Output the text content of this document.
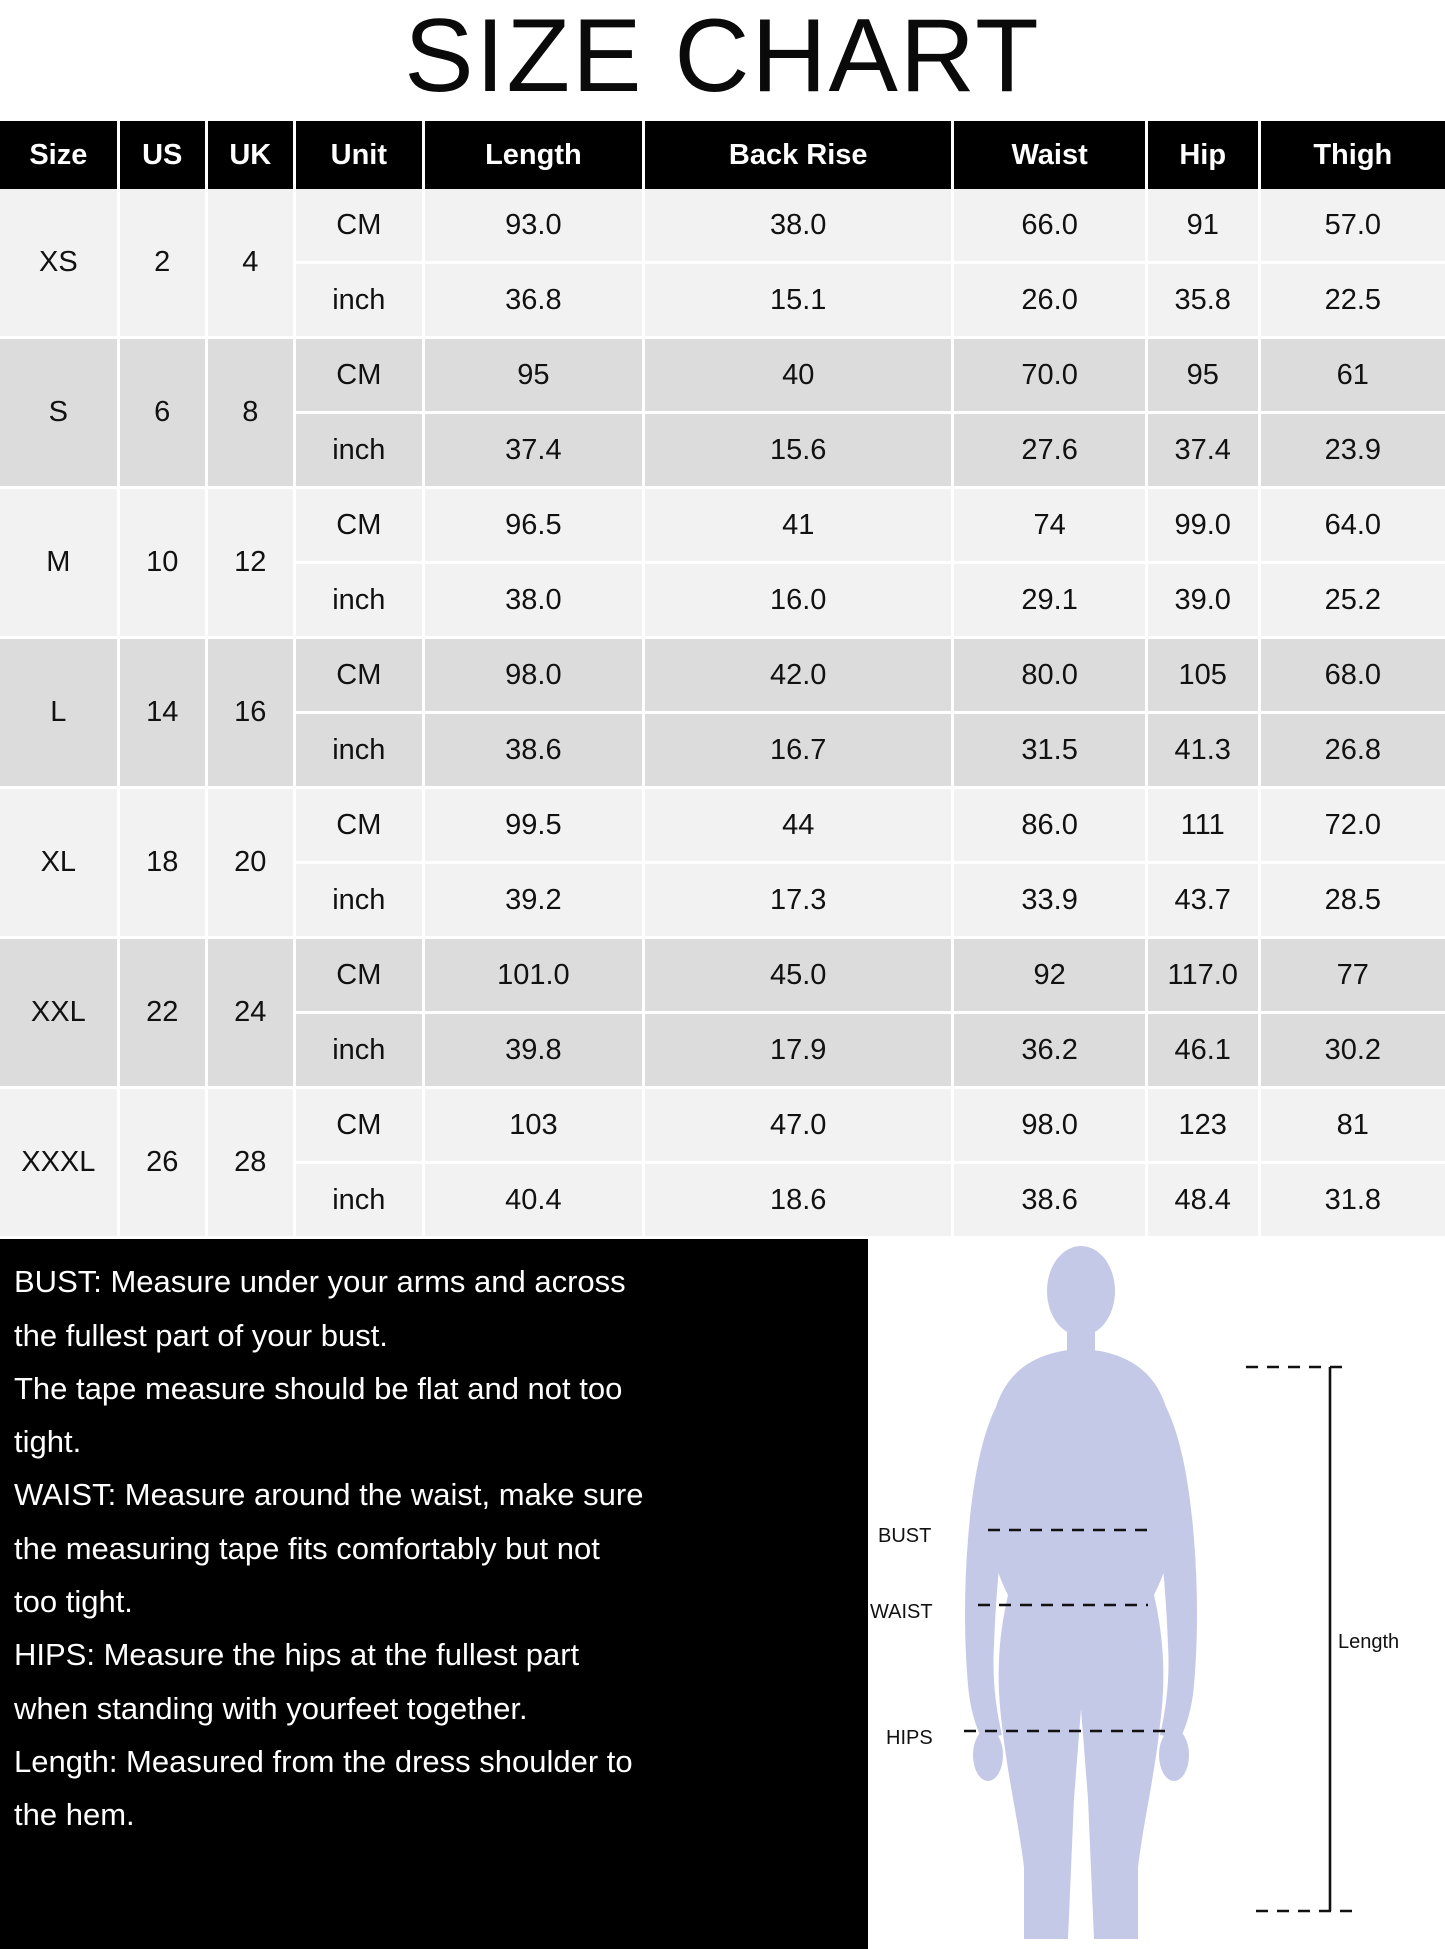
SIZE CHART
Size	US	UK	Unit	Length	Back Rise	Waist	Hip	Thigh
XS	2	4	CM	93.0	38.0	66.0	91	57.0
			inch	36.8	15.1	26.0	35.8	22.5
S	6	8	CM	95	40	70.0	95	61
			inch	37.4	15.6	27.6	37.4	23.9
M	10	12	CM	96.5	41	74	99.0	64.0
			inch	38.0	16.0	29.1	39.0	25.2
L	14	16	CM	98.0	42.0	80.0	105	68.0
			inch	38.6	16.7	31.5	41.3	26.8
XL	18	20	CM	99.5	44	86.0	111	72.0
			inch	39.2	17.3	33.9	43.7	28.5
XXL	22	24	CM	101.0	45.0	92	117.0	77
			inch	39.8	17.9	36.2	46.1	30.2
XXXL	26	28	CM	103	47.0	98.0	123	81
			inch	40.4	18.6	38.6	48.4	31.8

BUST: Measure under your arms and across

the fullest part of your bust.

The tape measure should be flat and not too

tight.

WAIST: Measure around the waist, make sure

the measuring tape fits comfortably but not

too tight.

HIPS: Measure the hips at the fullest part

when standing with yourfeet together.

Length: Measured from the dress shoulder to

the hem.

BUST
WAIST
HIPS
Length
